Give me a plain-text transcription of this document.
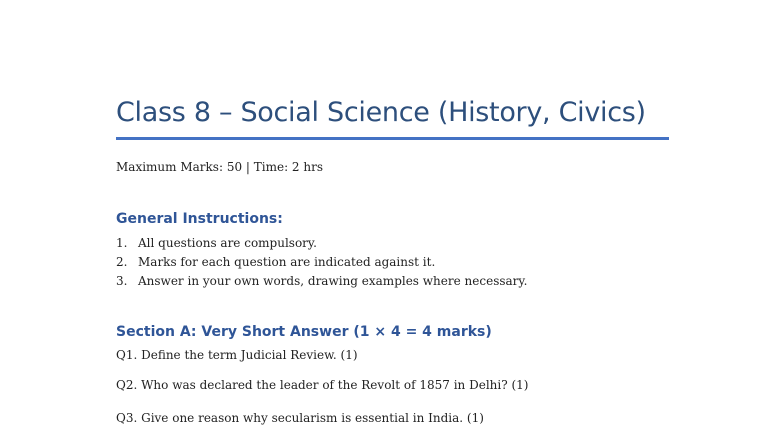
Class 8 – Social Science (History, Civics)
Maximum Marks: 50 | Time: 2 hrs
General Instructions:
1. All questions are compulsory.
2. Marks for each question are indicated against it.
3. Answer in your own words, drawing examples where necessary.
Section A: Very Short Answer (1 × 4 = 4 marks)
Q1. Define the term Judicial Review. (1)
Q2. Who was declared the leader of the Revolt of 1857 in Delhi? (1)
Q3. Give one reason why secularism is essential in India. (1)
